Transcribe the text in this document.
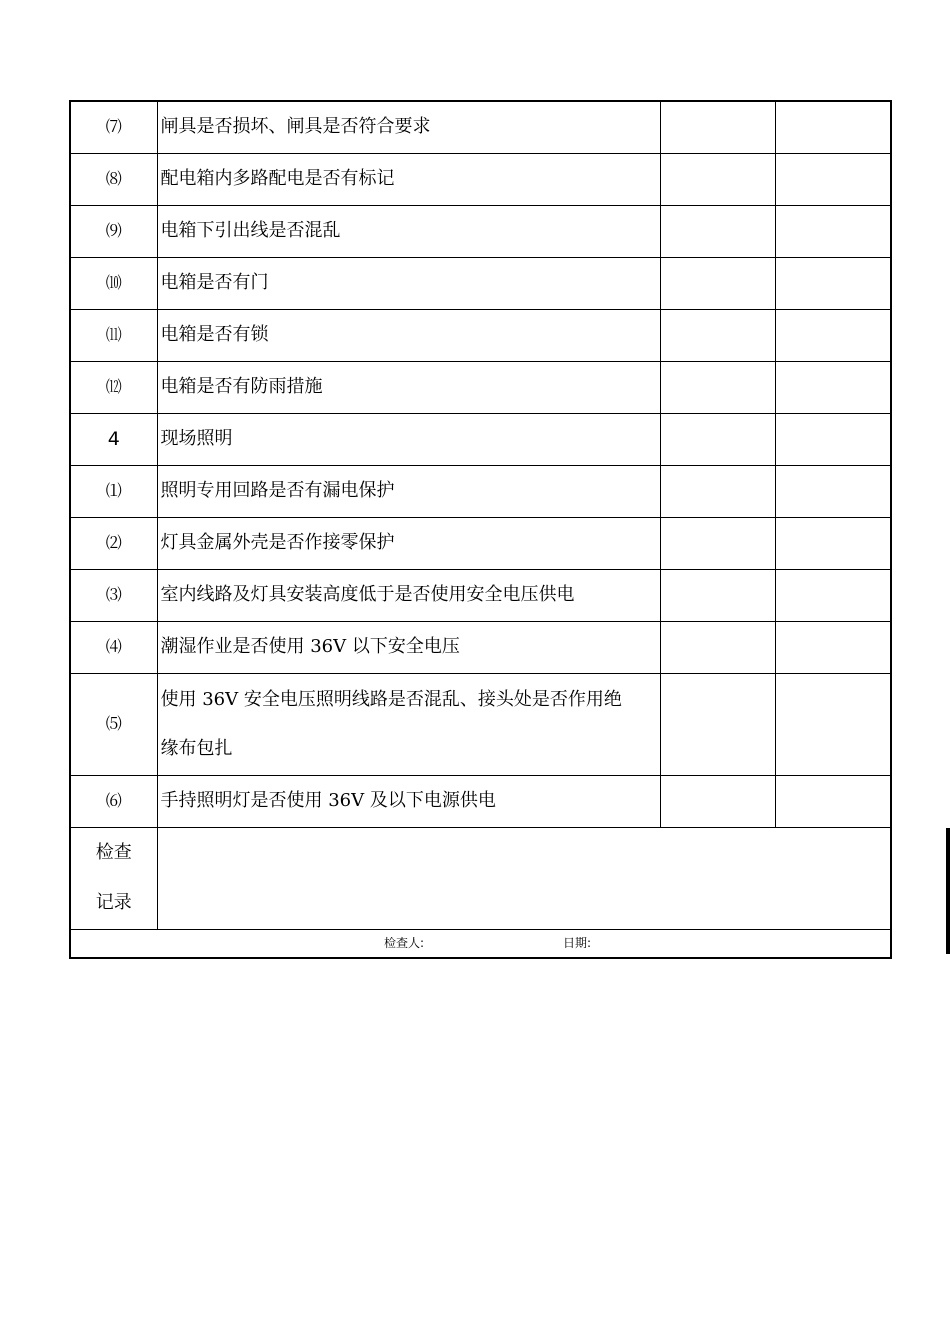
⑺	闸具是否损坏、闸具是否符合要求		
⑻	配电箱内多路配电是否有标记		
⑼	电箱下引出线是否混乱		
⑽	电箱是否有门		
⑾	电箱是否有锁		
⑿	电箱是否有防雨措施		
4	现场照明		
⑴	照明专用回路是否有漏电保护		
⑵	灯具金属外壳是否作接零保护		
⑶	室内线路及灯具安装高度低于是否使用安全电压供电		
⑷	潮湿作业是否使用 36V 以下安全电压		
⑸	使用 36V 安全电压照明线路是否混乱、接头处是否作用绝
缘布包扎		
⑹	手持照明灯是否使用 36V 及以下电源供电		
检查
记录			

检查人: 日期:			
